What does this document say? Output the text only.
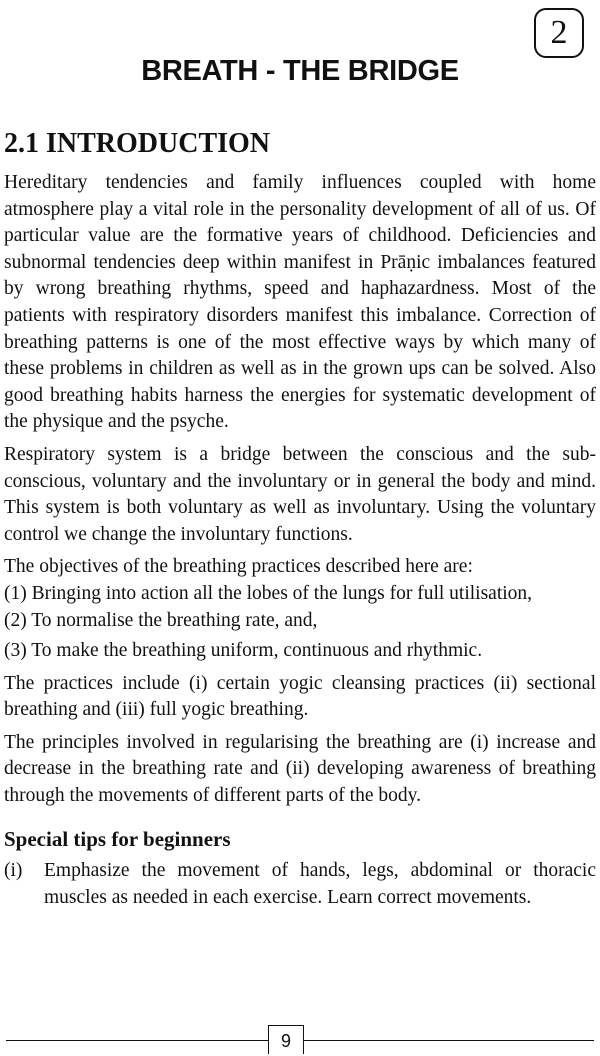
2
BREATH - THE BRIDGE
2.1 INTRODUCTION

Hereditary tendencies and family influences coupled with home atmosphere play a vital role in the personality development of all of us. Of particular value are the formative years of childhood. Deficiencies and subnormal tendencies deep within manifest in Prāṇic imbalances featured by wrong breathing rhythms, speed and haphazardness. Most of the patients with respiratory disorders manifest this imbalance. Correction of breathing patterns is one of the most effective ways by which many of these problems in children as well as in the grown ups can be solved. Also good breathing habits harness the energies for systematic development of the physique and the psyche.

Respiratory system is a bridge between the conscious and the sub-conscious, voluntary and the involuntary or in general the body and mind. This system is both voluntary as well as involuntary. Using the voluntary control we change the involuntary functions.

The objectives of the breathing practices described here are:

(1) Bringing into action all the lobes of the lungs for full utilisation,
(2) To normalise the breathing rate, and,
(3) To make the breathing uniform, continuous and rhythmic.

The practices include (i) certain yogic cleansing practices (ii) sectional breathing and (iii) full yogic breathing.

The principles involved in regularising the breathing are (i) increase and decrease in the breathing rate and (ii) developing awareness of breathing through the movements of different parts of the body.

Special tips for beginners
(i)	Emphasize the movement of hands, legs, abdominal or thoracic muscles as needed in each exercise. Learn correct movements.
9
